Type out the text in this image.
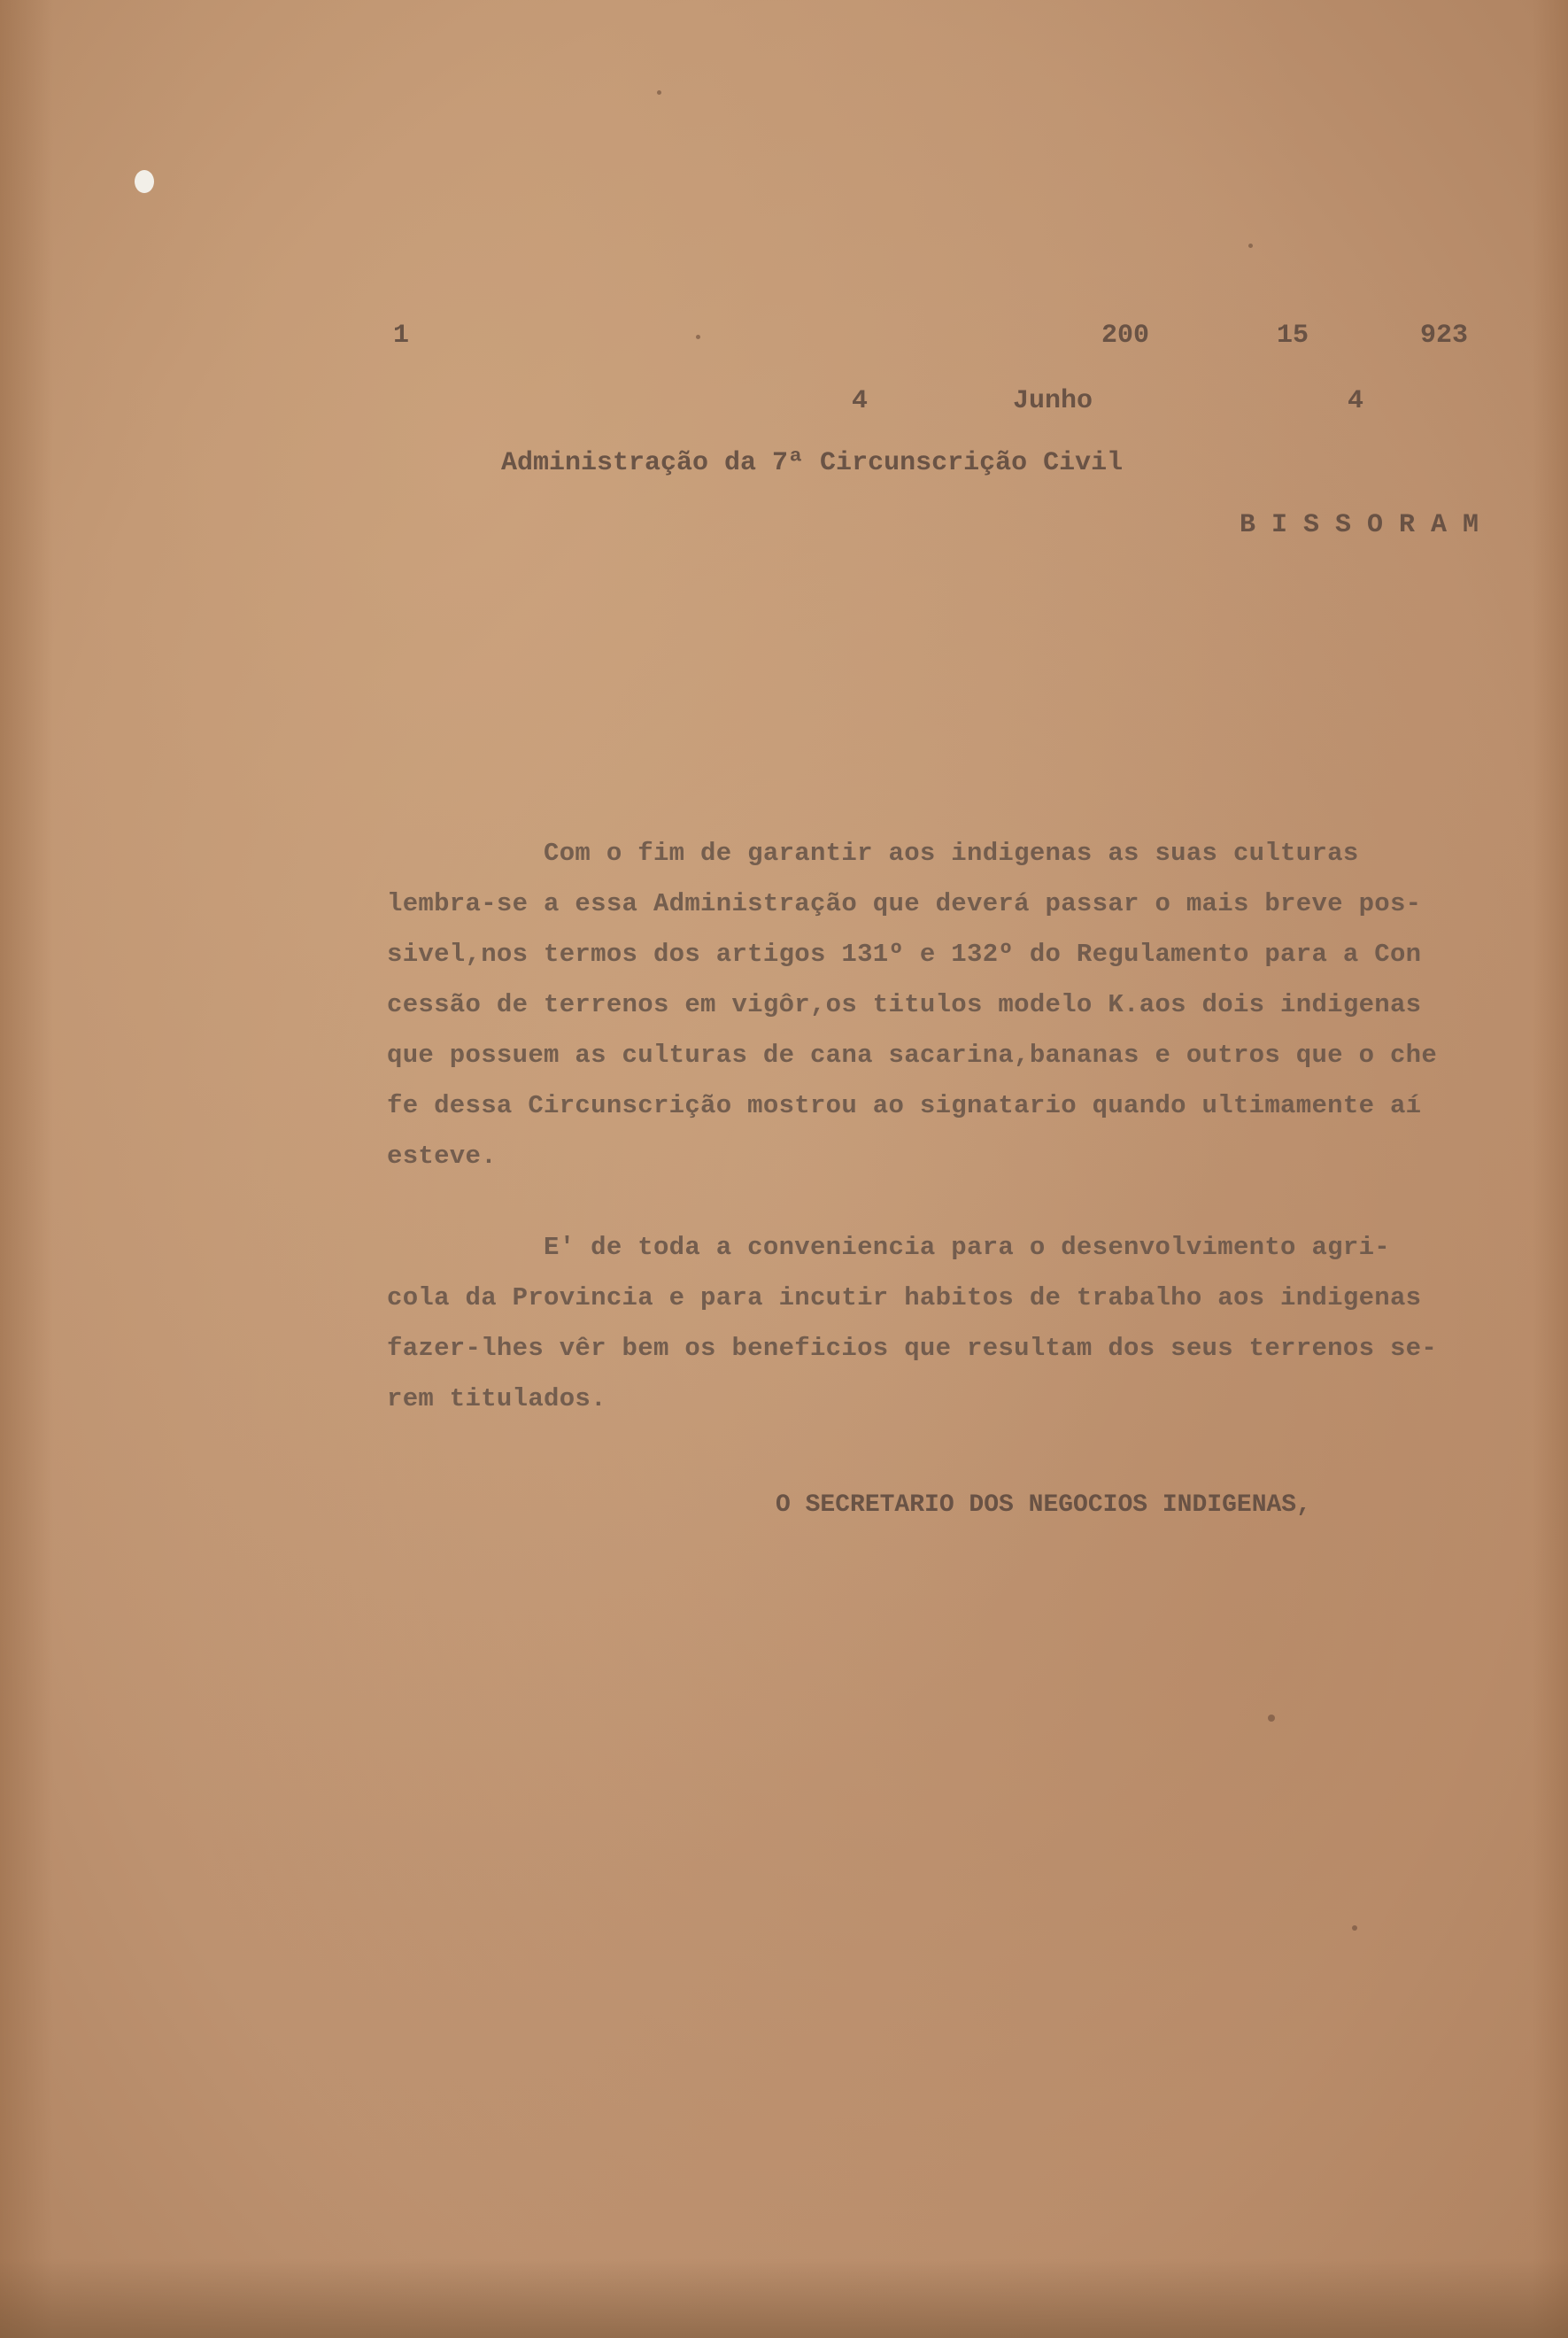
1	200	15	923
4	Junho	4
Administração da 7ª Circunscrição Civil
B I S S O R A M
Com o fim de garantir aos indigenas as suas culturas
lembra-se a essa Administração que deverá passar o mais breve pos-
sivel,nos termos dos artigos 131º e 132º do Regulamento para a Con
cessão de terrenos em vigôr,os titulos modelo K.aos dois indigenas
que possuem as culturas de cana sacarina,bananas e outros que o che
fe dessa Circunscrição mostrou ao signatario quando ultimamente aí
esteve.
E' de toda a conveniencia para o desenvolvimento agri-
cola da Provincia e para incutir habitos de trabalho aos indigenas
fazer-lhes vêr bem os beneficios que resultam dos seus terrenos se-
rem titulados.
O SECRETARIO DOS NEGOCIOS INDIGENAS,
